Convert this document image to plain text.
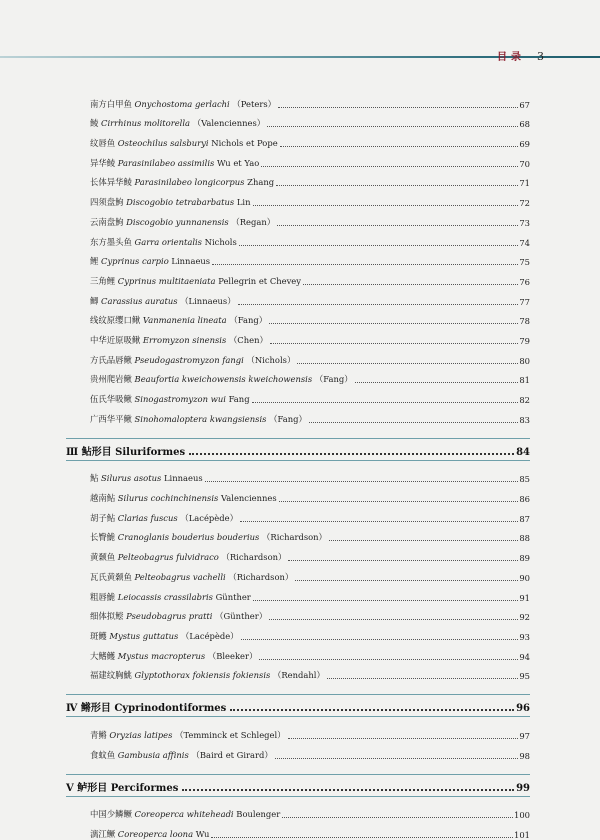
目录 3
南方白甲鱼 Onychostoma gerlachi （Peters）	67
鲮 Cirrhinus molitorella （Valenciennes）	68
纹唇鱼 Osteochilus salsburyi Nichols et Pope	69
异华鲮 Parasinilabeo assimilis Wu et Yao	70
长体异华鲮 Parasinilabeo longicorpus Zhang	71
四须盘鮈 Discogobio tetrabarbatus Lin	72
云南盘鮈 Discogobio yunnanensis （Regan）	73
东方墨头鱼 Garra orientalis Nichols	74
鲤 Cyprinus carpio Linnaeus	75
三角鲤 Cyprinus multitaeniata Pellegrin et Chevey	76
鲫 Carassius auratus （Linnaeus）	77
线纹原缨口鳅 Vanmanenia lineata （Fang）	78
中华近原吸鳅 Erromyzon sinensis （Chen）	79
方氏品唇鳅 Pseudogastromyzon fangi （Nichols）	80
贵州爬岩鳅 Beaufortia kweichowensis kweichowensis （Fang）	81
伍氏华吸鳅 Sinogastromyzon wui Fang	82
广西华平鳅 Sinohomaloptera kwangsiensis （Fang）	83
Ⅲ 鲇形目 Siluriformes	84
鲇 Silurus asotus Linnaeus	85
越南鲇 Silurus cochinchinensis Valenciennes	86
胡子鲇 Clarias fuscus （Lacépède）	87
长臀鮠 Cranoglanis bouderius bouderius （Richardson）	88
黄颡鱼 Pelteobagrus fulvidraco （Richardson）	89
瓦氏黄颡鱼 Pelteobagrus vachelli （Richardson）	90
粗唇鮠 Leiocassis crassilabris Günther	91
细体拟鲿 Pseudobagrus pratti （Günther）	92
斑鳠 Mystus guttatus （Lacépède）	93
大鳍鳠 Mystus macropterus （Bleeker）	94
福建纹胸鮡 Glyptothorax fokiensis fokiensis （Rendahl）	95
Ⅳ 鳉形目 Cyprinodontiformes	96
青鳉 Oryzias latipes （Temminck et Schlegel）	97
食蚊鱼 Gambusia affinis （Baird et Girard）	98
Ⅴ 鲈形目 Perciformes	99
中国少鳞鳜 Coreoperca whiteheadi Boulenger	100
漓江鳜 Coreoperca loona Wu	101
